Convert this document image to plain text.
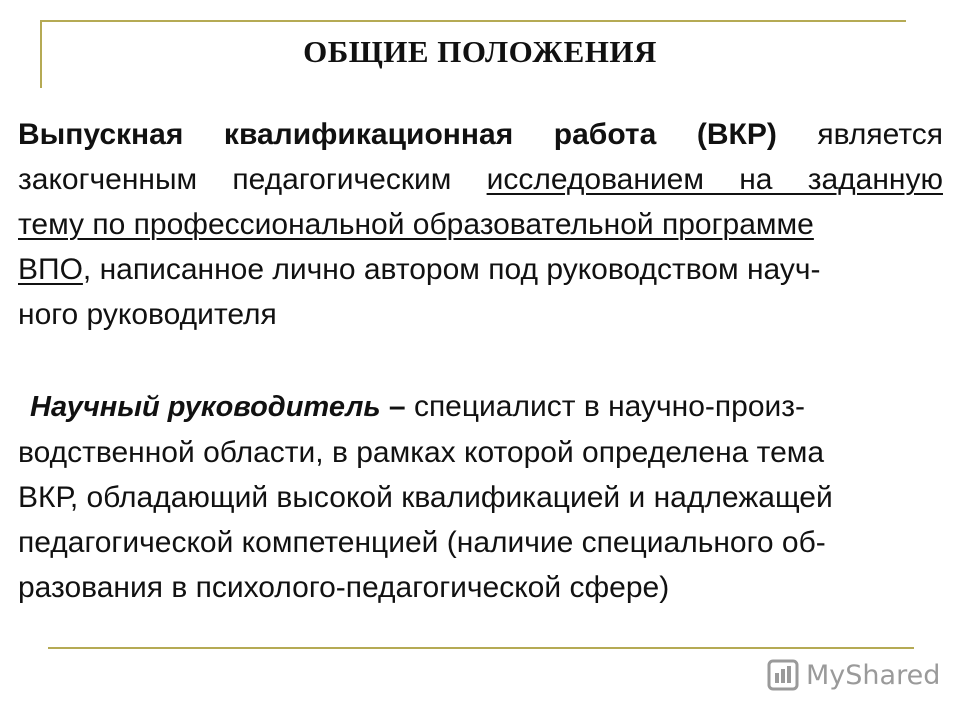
ОБЩИЕ ПОЛОЖЕНИЯ
Выпускная квалификационная работа (ВКР) является
закогченным педагогическим исследованием на заданную
тему по профессиональной образовательной программе
ВПО, написанное лично автором под руководством науч-
ного руководителя
Научный руководитель – специалист в научно-произ-
водственной области, в рамках которой определена тема
ВКР, обладающий высокой квалификацией и надлежащей
педагогической компетенцией (наличие специального об-
разования в психолого-педагогической сфере)
MyShared
